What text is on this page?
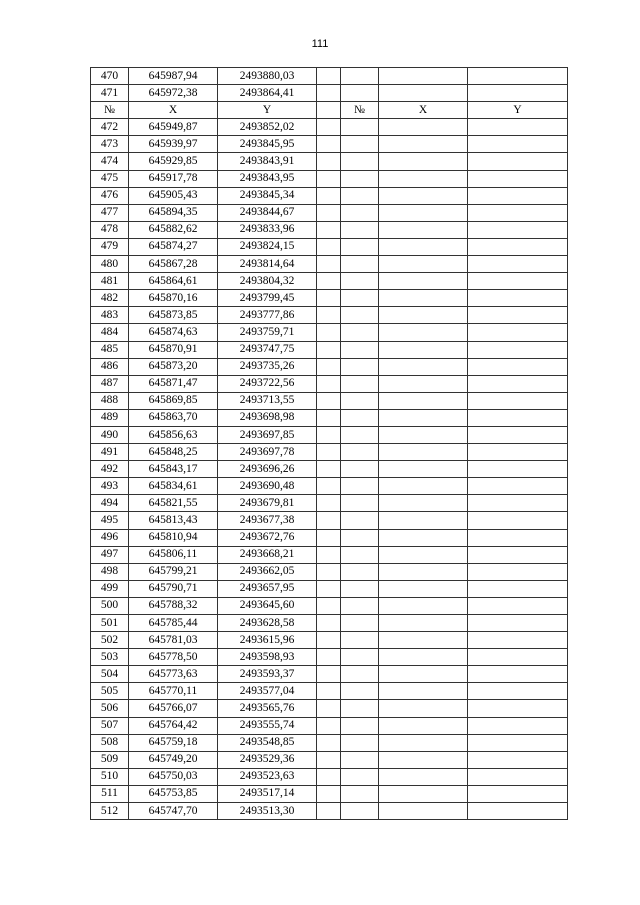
111
470	645987,94	2493880,03				
471	645972,38	2493864,41				
№	X	Y		№	X	Y
472	645949,87	2493852,02				
473	645939,97	2493845,95				
474	645929,85	2493843,91				
475	645917,78	2493843,95				
476	645905,43	2493845,34				
477	645894,35	2493844,67				
478	645882,62	2493833,96				
479	645874,27	2493824,15				
480	645867,28	2493814,64				
481	645864,61	2493804,32				
482	645870,16	2493799,45				
483	645873,85	2493777,86				
484	645874,63	2493759,71				
485	645870,91	2493747,75				
486	645873,20	2493735,26				
487	645871,47	2493722,56				
488	645869,85	2493713,55				
489	645863,70	2493698,98				
490	645856,63	2493697,85				
491	645848,25	2493697,78				
492	645843,17	2493696,26				
493	645834,61	2493690,48				
494	645821,55	2493679,81				
495	645813,43	2493677,38				
496	645810,94	2493672,76				
497	645806,11	2493668,21				
498	645799,21	2493662,05				
499	645790,71	2493657,95				
500	645788,32	2493645,60				
501	645785,44	2493628,58				
502	645781,03	2493615,96				
503	645778,50	2493598,93				
504	645773,63	2493593,37				
505	645770,11	2493577,04				
506	645766,07	2493565,76				
507	645764,42	2493555,74				
508	645759,18	2493548,85				
509	645749,20	2493529,36				
510	645750,03	2493523,63				
511	645753,85	2493517,14				
512	645747,70	2493513,30				
